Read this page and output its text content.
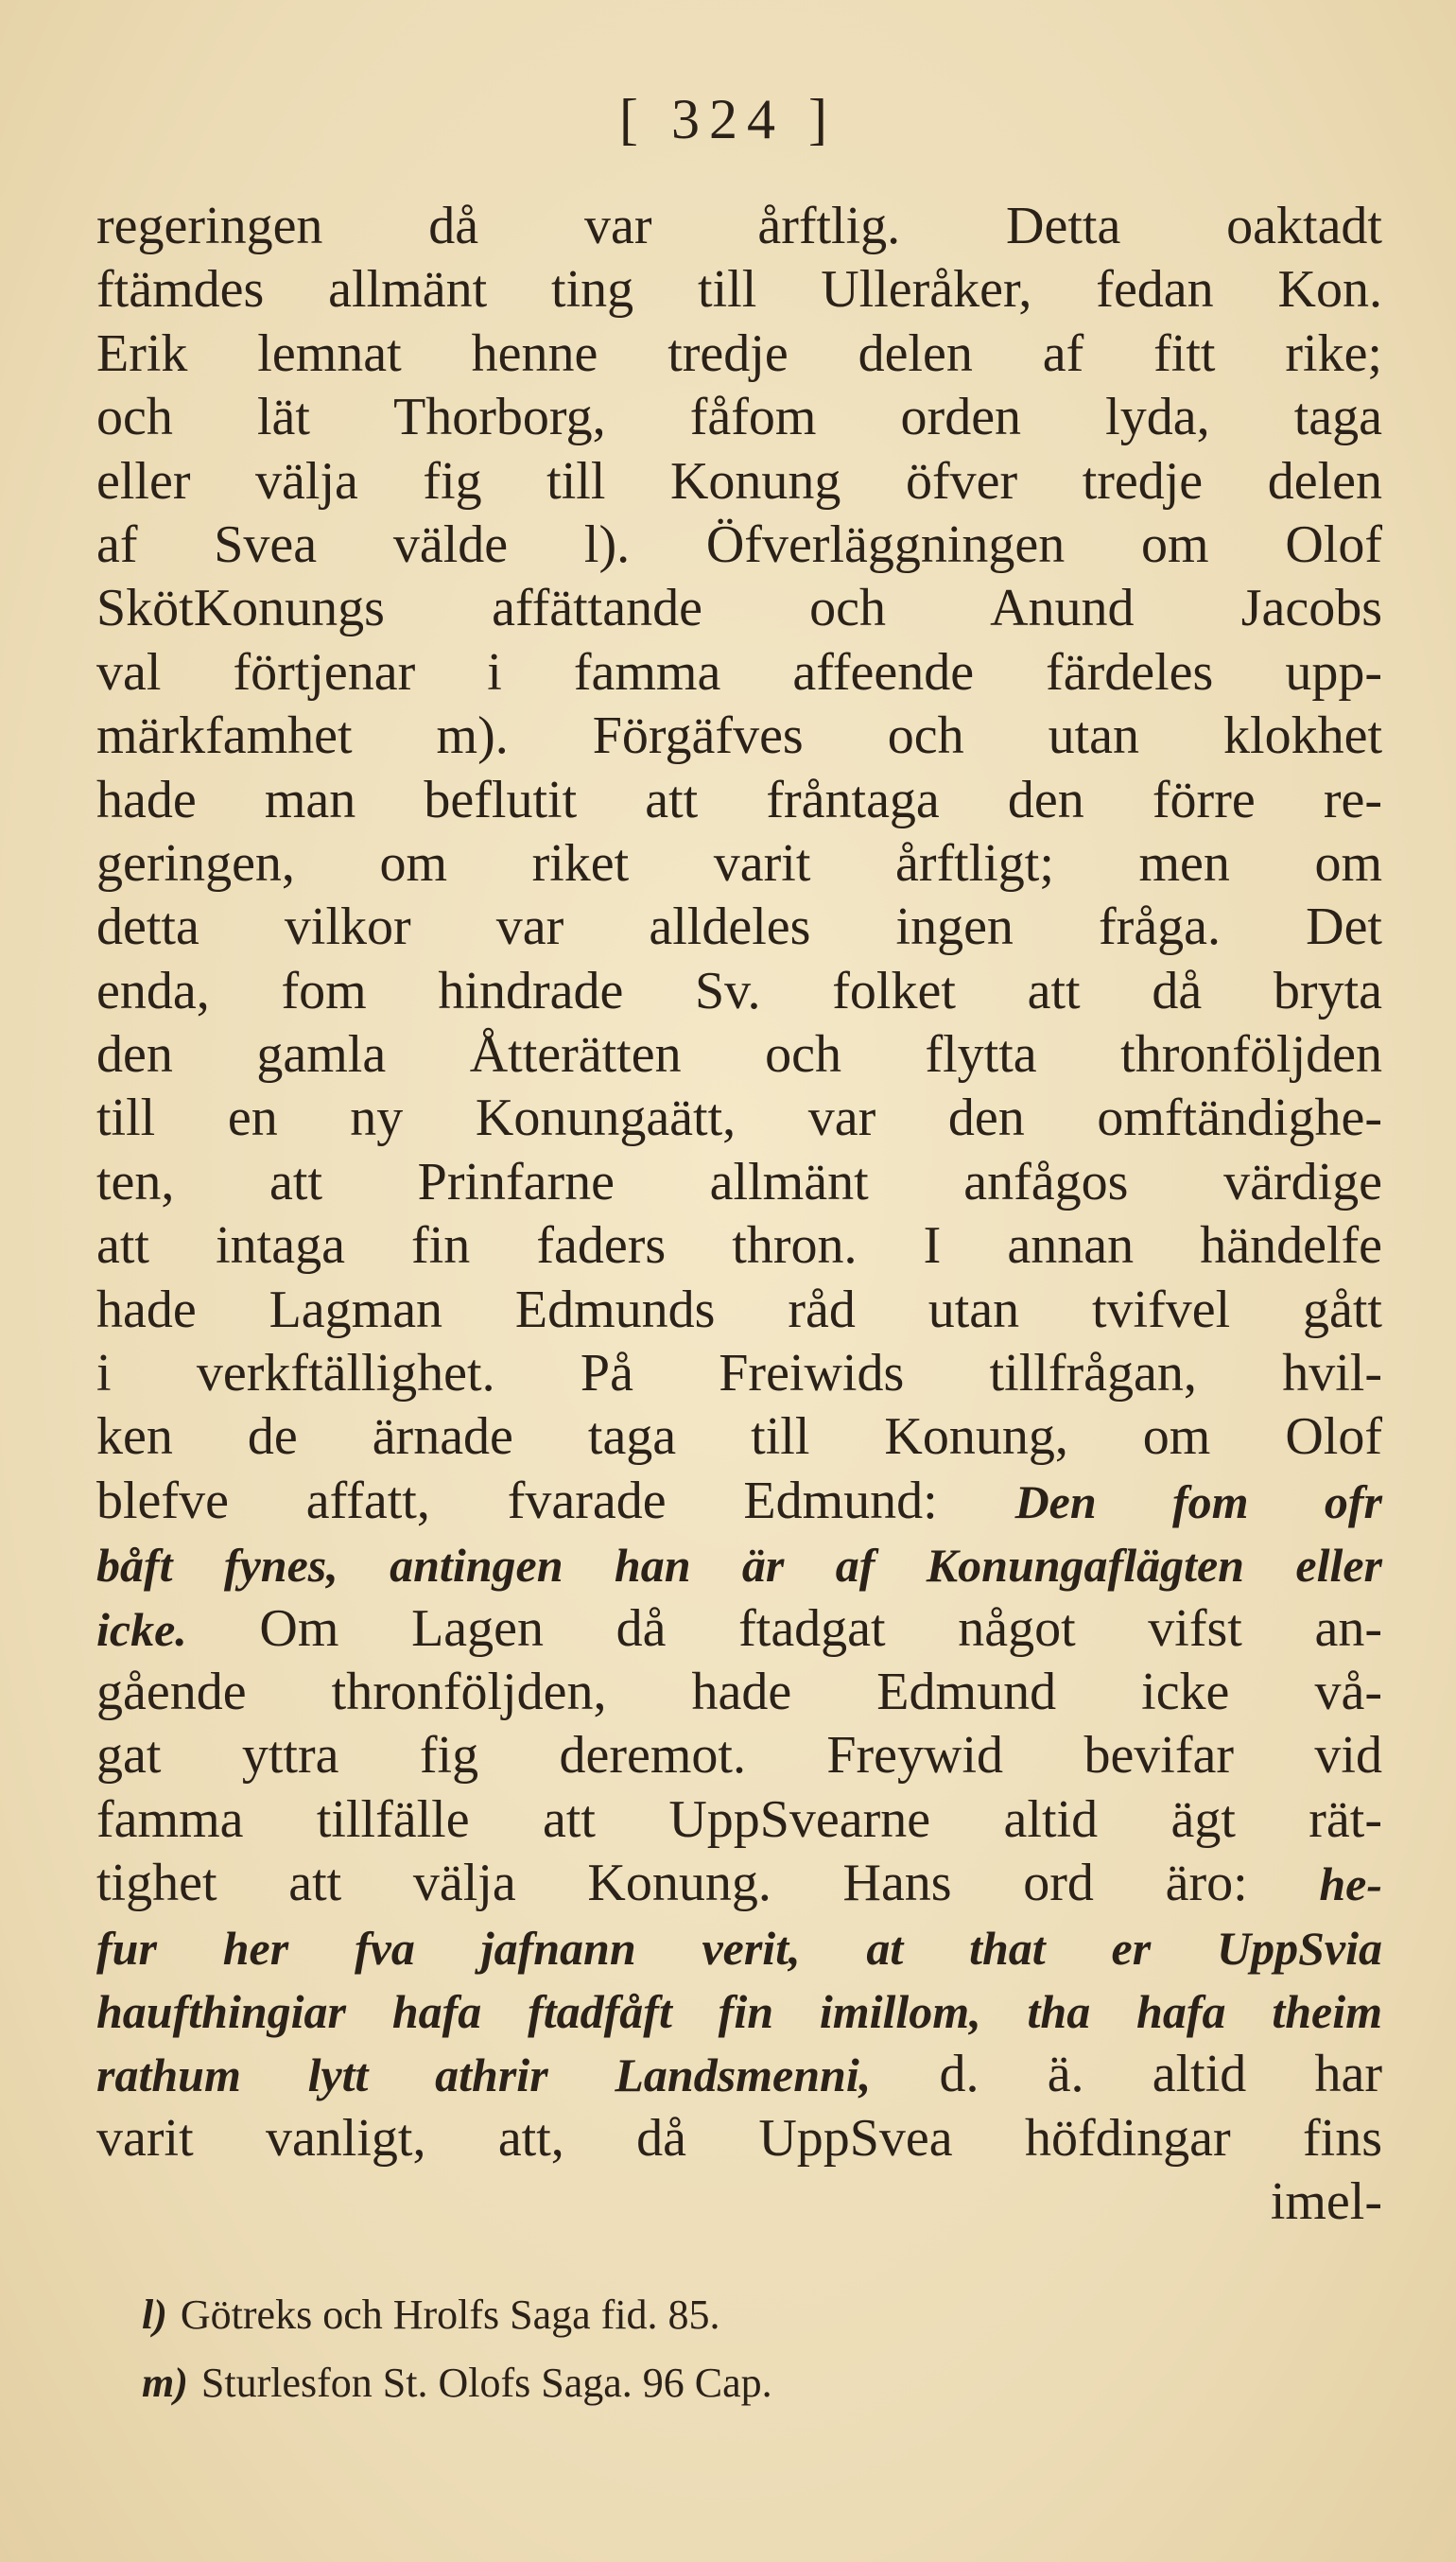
[ 324 ]
regeringen då var årftlig. Detta oaktadt
ftämdes allmänt ting till Ulleråker, fedan Kon.
Erik lemnat henne tredje delen af fitt rike;
och lät Thorborg, fåfom orden lyda, taga
eller välja fig till Konung öfver tredje delen
af Svea välde l). Öfverläggningen om Olof
SkötKonungs affättande och Anund Jacobs
val förtjenar i famma affeende färdeles upp-
märkfamhet m). Förgäfves och utan klokhet
hade man beflutit att fråntaga den förre re-
geringen, om riket varit årftligt; men om
detta vilkor var alldeles ingen fråga. Det
enda, fom hindrade Sv. folket att då bryta
den gamla Åtterätten och flytta thronföljden
till en ny Konungaätt, var den omftändighe-
ten, att Prinfarne allmänt anfågos värdige
att intaga fin faders thron. I annan händelfe
hade Lagman Edmunds råd utan tvifvel gått
i verkftällighet. På Freiwids tillfrågan, hvil-
ken de ärnade taga till Konung, om Olof
blefve affatt, fvarade Edmund: Den fom ofr
båft fynes, antingen han är af Konungaflägten eller
icke. Om Lagen då ftadgat något vifst an-
gående thronföljden, hade Edmund icke vå-
gat yttra fig deremot. Freywid bevifar vid
famma tillfälle att UppSvearne altid ägt rät-
tighet att välja Konung. Hans ord äro: he-
fur her fva jafnann verit, at that er UppSvia
haufthingiar hafa ftadfåft fin imillom, tha hafa theim
rathum lytt athrir Landsmenni, d. ä. altid har
varit vanligt, att, då UppSvea höfdingar fins
imel-
l) Götreks och Hrolfs Saga fid. 85.
m) Sturlesfon St. Olofs Saga. 96 Cap.
